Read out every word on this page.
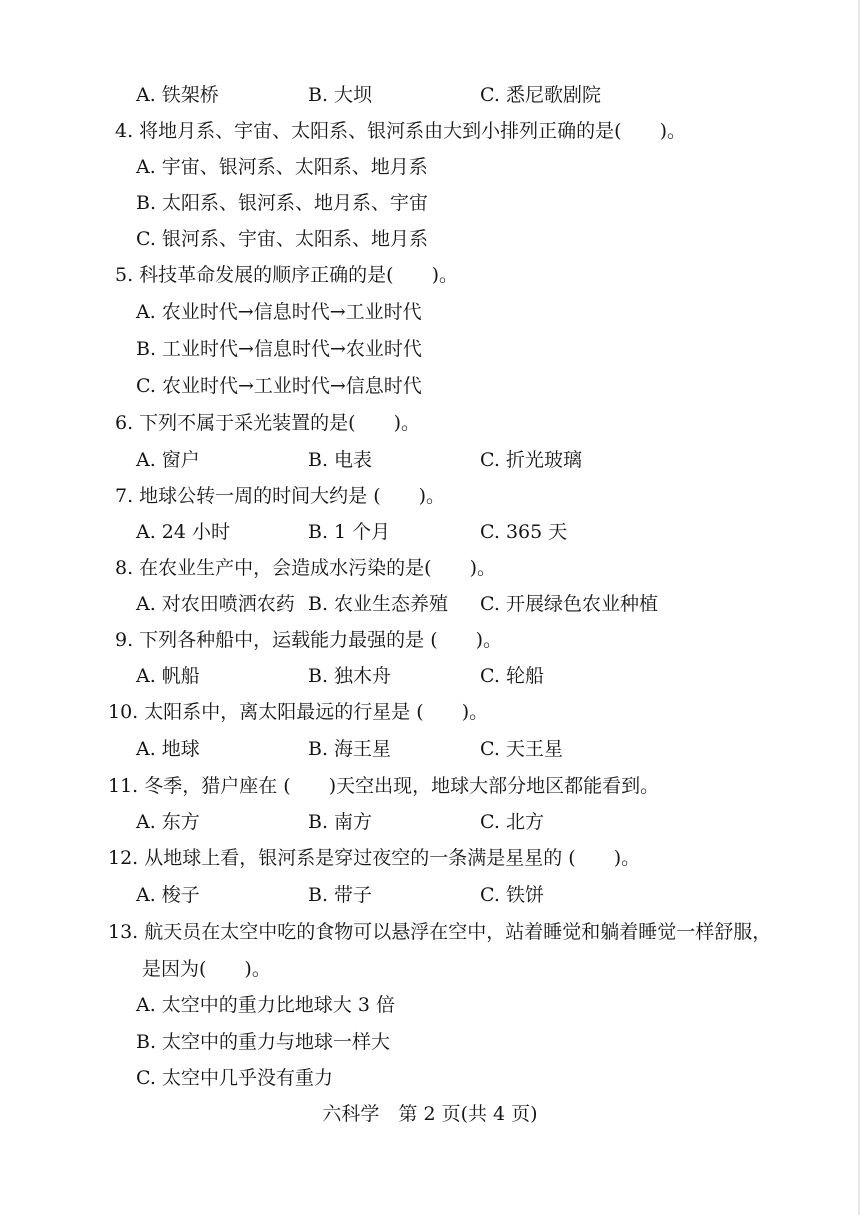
A. 铁架桥	B. 大坝	C. 悉尼歌剧院
4. 将地月系、宇宙、太阳系、银河系由大到小排列正确的是(　　)。
A. 宇宙、银河系、太阳系、地月系
B. 太阳系、银河系、地月系、宇宙
C. 银河系、宇宙、太阳系、地月系
5. 科技革命发展的顺序正确的是(　　)。
A. 农业时代→信息时代→工业时代
B. 工业时代→信息时代→农业时代
C. 农业时代→工业时代→信息时代
6. 下列不属于采光装置的是(　　)。
A. 窗户	B. 电表	C. 折光玻璃
7. 地球公转一周的时间大约是 (　　)。
A. 24 小时	B. 1 个月	C. 365 天
8. 在农业生产中，会造成水污染的是(　　)。
A. 对农田喷洒农药 B. 农业生态养殖 C. 开展绿色农业种植
9. 下列各种船中，运载能力最强的是 (　　)。
A. 帆船	B. 独木舟	C. 轮船
10. 太阳系中，离太阳最远的行星是 (　　)。
A. 地球	B. 海王星	C. 天王星
11. 冬季，猎户座在 (　　)天空出现，地球大部分地区都能看到。
A. 东方	B. 南方	C. 北方
12. 从地球上看，银河系是穿过夜空的一条满是星星的 (　　)。
A. 梭子	B. 带子	C. 铁饼
13. 航天员在太空中吃的食物可以悬浮在空中，站着睡觉和躺着睡觉一样舒服，
是因为(　　)。
A. 太空中的重力比地球大 3 倍
B. 太空中的重力与地球一样大
C. 太空中几乎没有重力
六科学　第 2 页(共 4 页)
